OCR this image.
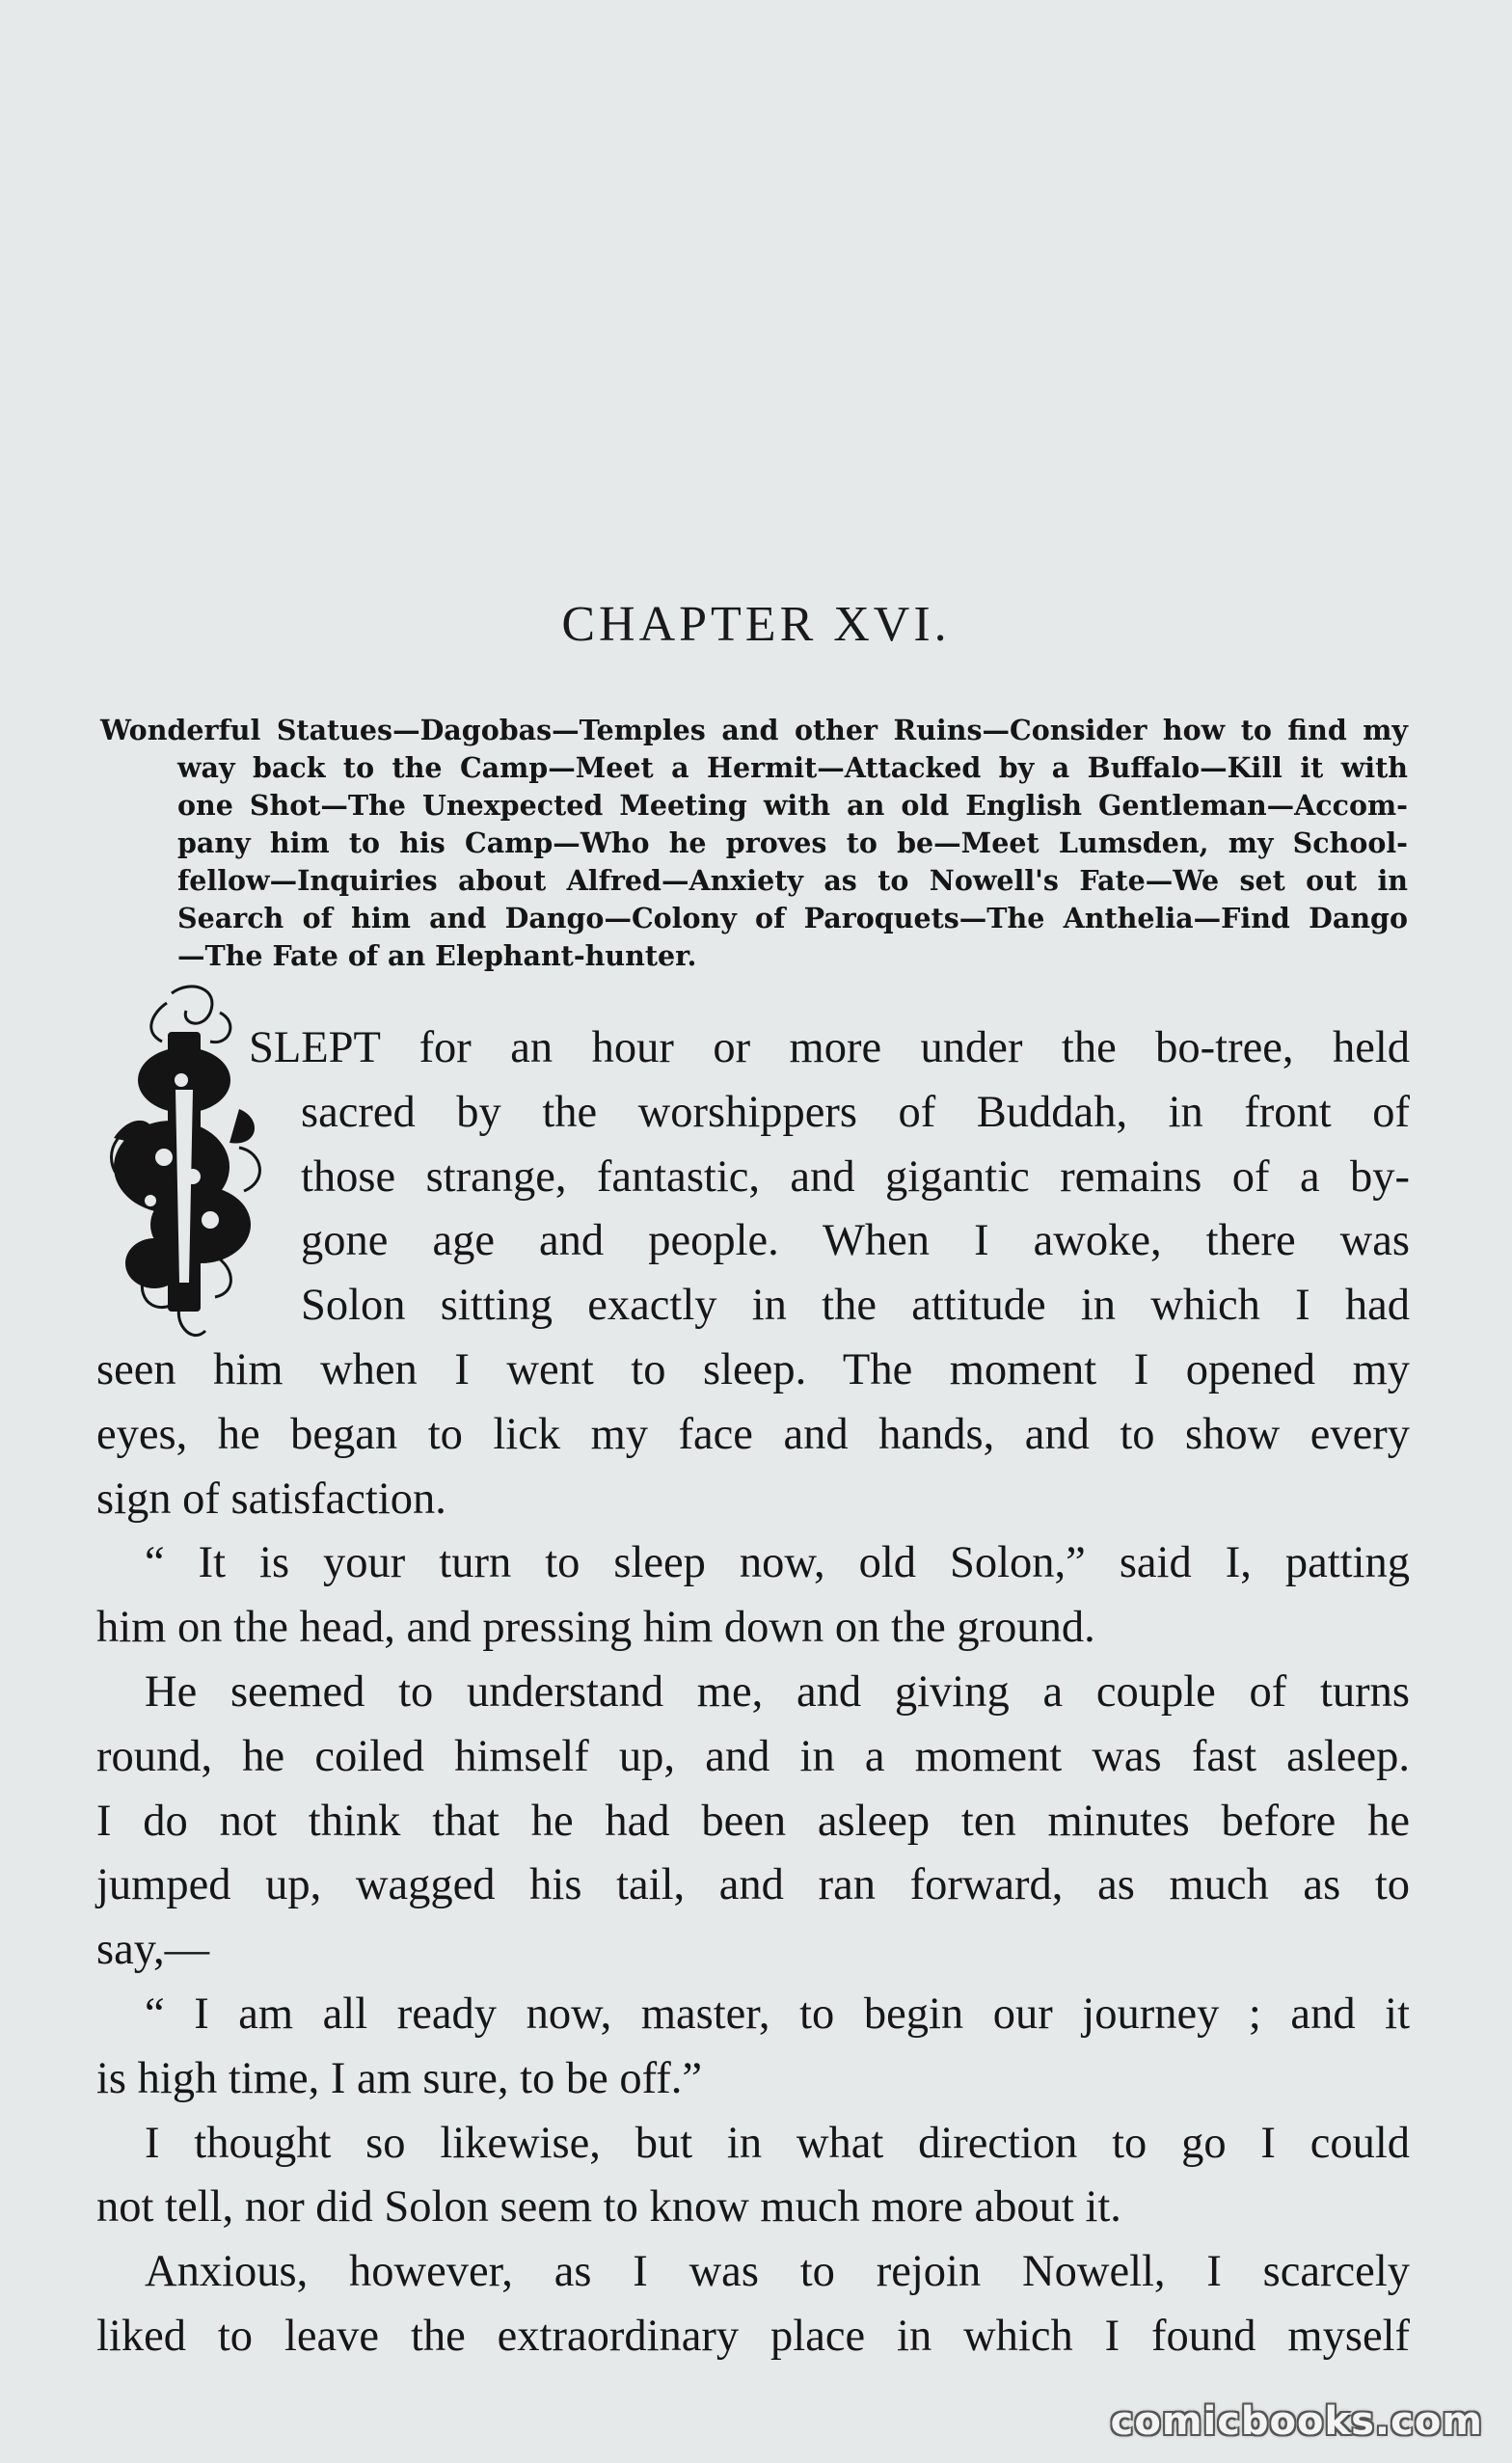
CHAPTER XVI.
Wonderful Statues—Dagobas—Temples and other Ruins—Consider how to find my
way back to the Camp—Meet a Hermit—Attacked by a Buffalo—Kill it with
one Shot—The Unexpected Meeting with an old English Gentleman—Accom-
pany him to his Camp—Who he proves to be—Meet Lumsden, my School-
fellow—Inquiries about Alfred—Anxiety as to Nowell's Fate—We set out in
Search of him and Dango—Colony of Paroquets—The Anthelia—Find Dango
—The Fate of an Elephant-hunter.
SLEPT for an hour or more under the bo-tree, held
sacred by the worshippers of Buddah, in front of
those strange, fantastic, and gigantic remains of a by-
gone age and people. When I awoke, there was
Solon sitting exactly in the attitude in which I had
seen him when I went to sleep. The moment I opened my
eyes, he began to lick my face and hands, and to show every
sign of satisfaction.
“ It is your turn to sleep now, old Solon,” said I, patting
him on the head, and pressing him down on the ground.
He seemed to understand me, and giving a couple of turns
round, he coiled himself up, and in a moment was fast asleep.
I do not think that he had been asleep ten minutes before he
jumped up, wagged his tail, and ran forward, as much as to
say,—
“ I am all ready now, master, to begin our journey ; and it
is high time, I am sure, to be off.”
I thought so likewise, but in what direction to go I could
not tell, nor did Solon seem to know much more about it.
Anxious, however, as I was to rejoin Nowell, I scarcely
liked to leave the extraordinary place in which I found myself
comicbooks.com
